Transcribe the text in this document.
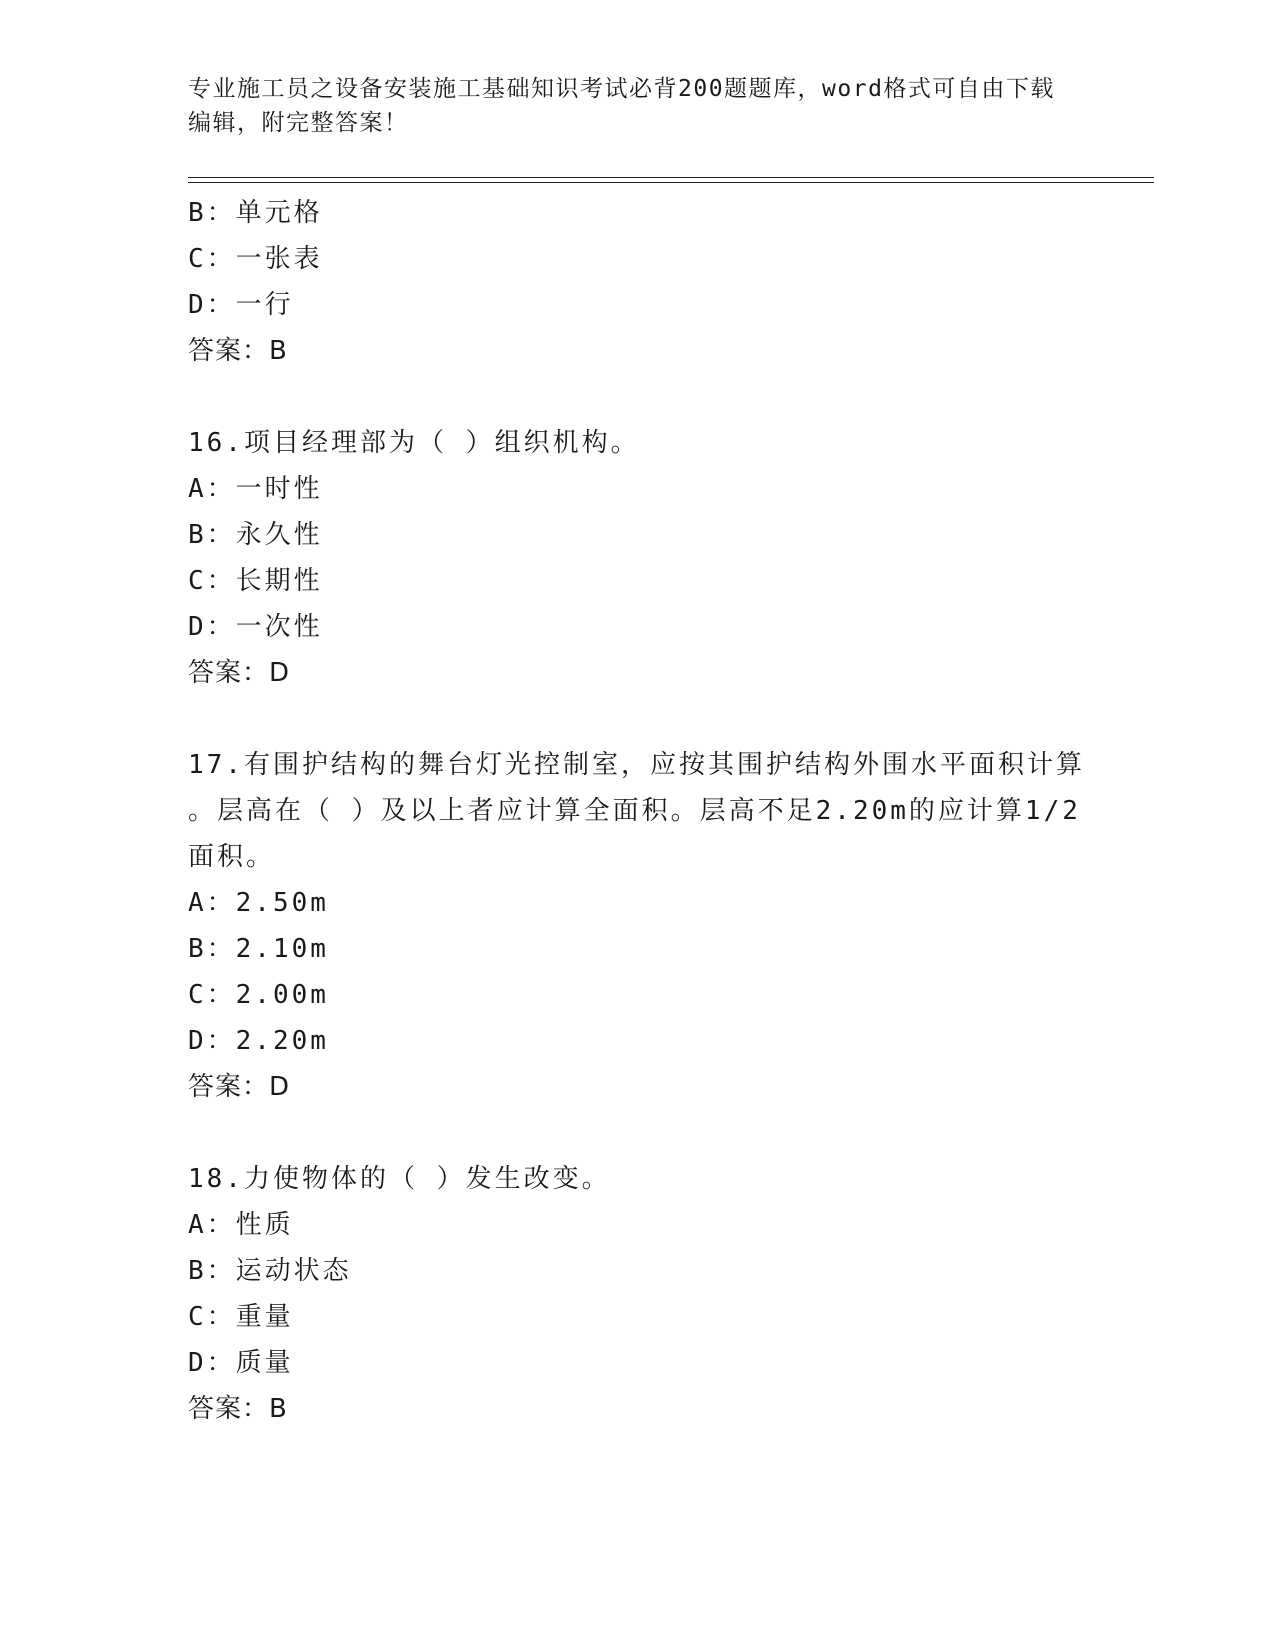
专业施工员之设备安装施工基础知识考试必背200题题库，word格式可自由下载
编辑，附完整答案！
B：单元格
C：一张表
D：一行
答案：B
16.项目经理部为（ ）组织机构。
A：一时性
B：永久性
C：长期性
D：一次性
答案：D
17.有围护结构的舞台灯光控制室，应按其围护结构外围水平面积计算
。层高在（ ）及以上者应计算全面积。层高不足2.20m的应计算1/2
面积。
A：2.50m
B：2.10m
C：2.00m
D：2.20m
答案：D
18.力使物体的（ ）发生改变。
A：性质
B：运动状态
C：重量
D：质量
答案：B
